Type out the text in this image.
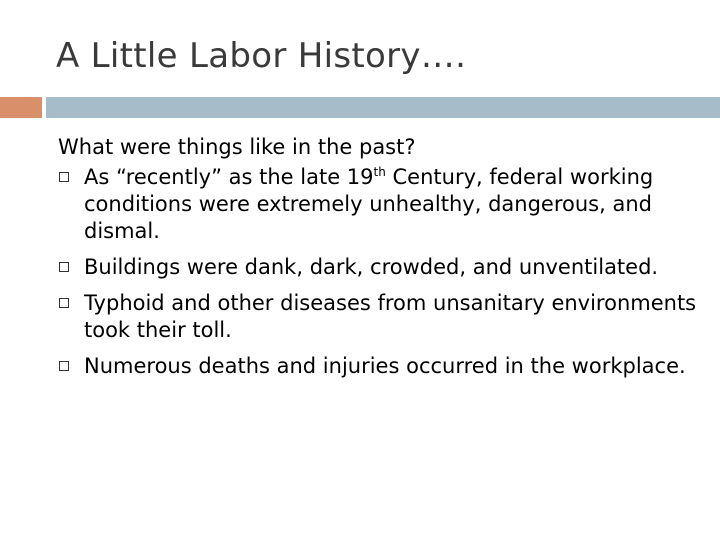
A Little Labor History….
What were things like in the past?
As “recently” as the late 19th Century, federal working conditions were extremely unhealthy, dangerous, and dismal.
Buildings were dank, dark, crowded, and unventilated.
Typhoid and other diseases from unsanitary environments took their toll.
Numerous deaths and injuries occurred in the workplace.
